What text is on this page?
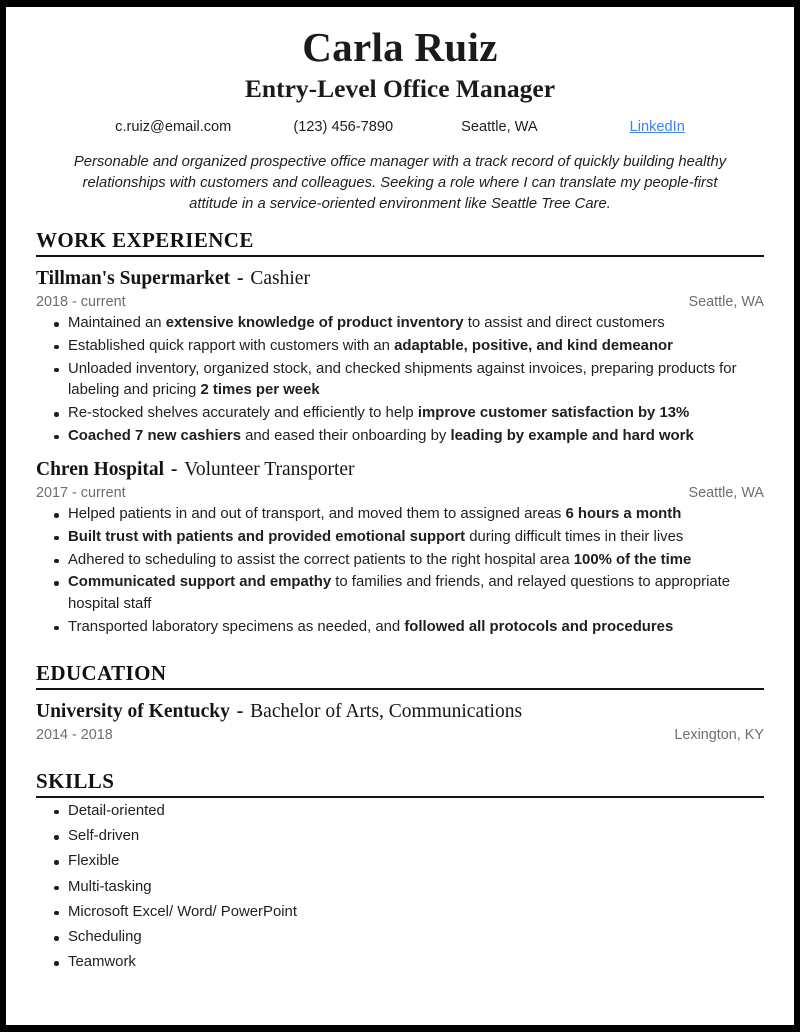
Carla Ruiz
Entry-Level Office Manager
c.ruiz@email.com	(123) 456-7890	Seattle, WA	LinkedIn
Personable and organized prospective office manager with a track record of quickly building healthy relationships with customers and colleagues. Seeking a role where I can translate my people-first attitude in a service-oriented environment like Seattle Tree Care.
WORK EXPERIENCE
Tillman's Supermarket - Cashier
2018 - current	Seattle, WA
Maintained an extensive knowledge of product inventory to assist and direct customers
Established quick rapport with customers with an adaptable, positive, and kind demeanor
Unloaded inventory, organized stock, and checked shipments against invoices, preparing products for labeling and pricing 2 times per week
Re-stocked shelves accurately and efficiently to help improve customer satisfaction by 13%
Coached 7 new cashiers and eased their onboarding by leading by example and hard work
Chren Hospital - Volunteer Transporter
2017 - current	Seattle, WA
Helped patients in and out of transport, and moved them to assigned areas 6 hours a month
Built trust with patients and provided emotional support during difficult times in their lives
Adhered to scheduling to assist the correct patients to the right hospital area 100% of the time
Communicated support and empathy to families and friends, and relayed questions to appropriate hospital staff
Transported laboratory specimens as needed, and followed all protocols and procedures
EDUCATION
University of Kentucky - Bachelor of Arts, Communications
2014 - 2018	Lexington, KY
SKILLS
Detail-oriented
Self-driven
Flexible
Multi-tasking
Microsoft Excel/ Word/ PowerPoint
Scheduling
Teamwork
